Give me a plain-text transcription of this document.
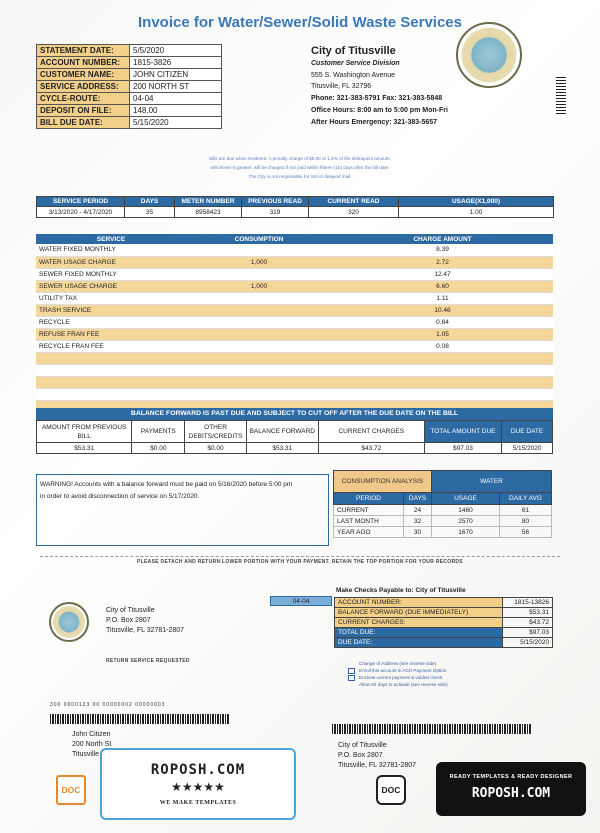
Invoice for Water/Sewer/Solid Waste Services
STATEMENT DATE:	5/5/2020
ACCOUNT NUMBER:	1815-3826
CUSTOMER NAME:	JOHN CITIZEN
SERVICE ADDRESS:	200 NORTH ST
CYCLE-ROUTE:	04-04
DEPOSIT ON FILE:	148.00
BILL DUE DATE:	5/15/2020
City of Titusville
Customer Service Division
555 S. Washington Avenue
Titusville, FL 32796
Phone: 321-383-5791 Fax: 321-383-5848
Office Hours: 8:00 am to 5:00 pm Mon-Fri
After Hours Emergency: 321-383-5657
Bills are due when rendered. A penalty charge of $5.00 or 1.5% of the delinquent amount,
whichever is greater, will be charged if not paid within fifteen (15) days after the bill date.
The City is not responsible for lost or delayed mail.
SERVICE PERIOD	DAYS	METER NUMBER	PREVIOUS READ	CURRENT READ	USAGE(X1,000)
3/13/2020 - 4/17/2020	35	8958423	319	320	1.00
SERVICE	CONSUMPTION	CHARGE AMOUNT
WATER FIXED MONTHLY		8.39
WATER USAGE CHARGE	1,000	2.72
SEWER FIXED MONTHLY		12.47
SEWER USAGE CHARGE	1,000	6.60
UTILITY TAX		1.11
TRASH SERVICE		10.46
RECYCLE		0.84
REFUSE FRAN FEE		1.05
RECYCLE FRAN FEE		0.08

BALANCE FORWARD IS PAST DUE AND SUBJECT TO CUT OFF AFTER THE DUE DATE ON THE BILL
AMOUNT FROM PREVIOUS BILL	PAYMENTS	OTHER DEBITS/CREDITS	BALANCE FORWARD	CURRENT CHARGES	TOTAL AMOUNT DUE	DUE DATE
$53.31	$0.00	$0.00	$53.31	$43.72	$97.03	5/15/2020
WARNING! Accounts with a balance forward must be paid on 5/16/2020 before 5:00 pm
in order to avoid disconnection of service on 5/17/2020.
CONSUMPTION ANALYSIS		WATER	
PERIOD	DAYS	USAGE	DAILY AVG
CURRENT	24	1460	61
LAST MONTH	32	2570	80
YEAR AGO	30	1670	56
PLEASE DETACH AND RETURN LOWER PORTION WITH YOUR PAYMENT. RETAIN THE TOP PORTION FOR YOUR RECORDS
City of Titusville
P.O. Box 2807
Titusville, FL 32781-2807
RETURN SERVICE REQUESTED
04-04
Make Checks Payable to: City of Titusville
ACCOUNT NUMBER:	1815-13826
BALANCE FORWARD (DUE IMMEDIATELY)	$53.31
CURRENT CHARGES:	$43.72
TOTAL DUE:	$97.03
DUE DATE:	5/15/2020
Change of Address (see reverse side)
Enroll this account in ACH Payment Option
Enclose current payment & voided check.
Allow 60 days to activate (see reverse side)
300 0000123 00 00000002 00000003
John Citizen
200 North St
Titusville
City of Titusville
P.O. Box 2807
Titusville, FL 32781-2807
DOC
ROPOSH.COM
★★★★★
WE MAKE TEMPLATES
DOC
READY TEMPLATES & READY DESIGNER
ROPOSH.COM
